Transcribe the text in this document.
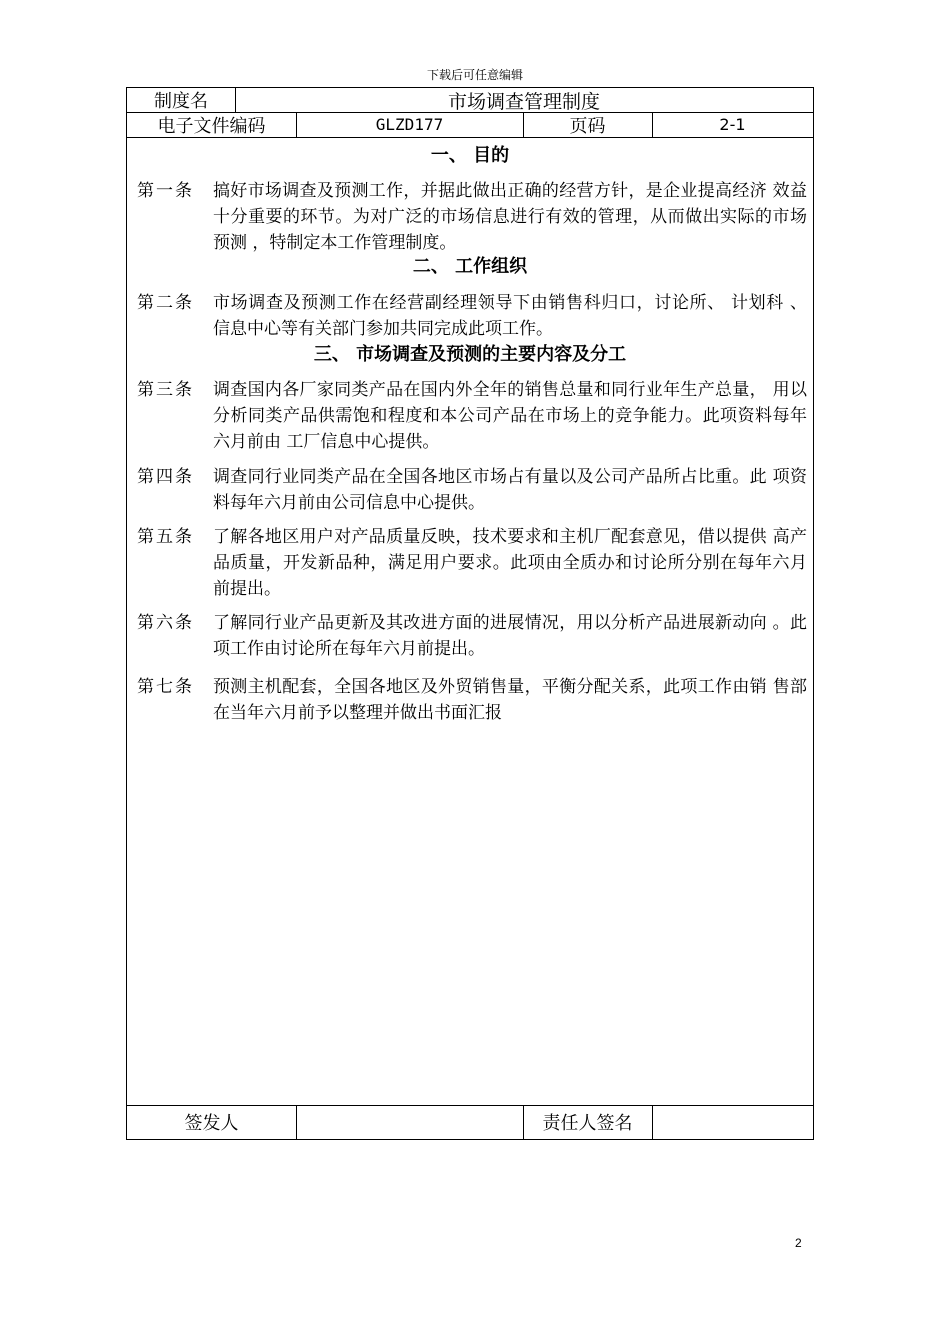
下载后可任意编辑
制度名	市场调查管理制度
电子文件编码	GLZD177	页码	2-1
一、 目的
第一条	搞好市场调查及预测工作，并据此做出正确的经营方针，是企业提高经济 效益十分重要的环节。为对广泛的市场信息进行有效的管理，从而做出实际的市场预测 ，特制定本工作管理制度。
二、 工作组织
第二条	市场调查及预测工作在经营副经理领导下由销售科归口，讨论所、 计划科 、 信息中心等有关部门参加共同完成此项工作。
三、 市场调查及预测的主要内容及分工
第三条	调查国内各厂家同类产品在国内外全年的销售总量和同行业年生产总量， 用以分析同类产品供需饱和程度和本公司产品在市场上的竞争能力。此项资料每年六月前由 工厂信息中心提供。
第四条	调查同行业同类产品在全国各地区市场占有量以及公司产品所占比重。此 项资料每年六月前由公司信息中心提供。
第五条	了解各地区用户对产品质量反映，技术要求和主机厂配套意见，借以提供 高产品质量，开发新品种，满足用户要求。此项由全质办和讨论所分别在每年六月前提出。
第六条	了解同行业产品更新及其改进方面的进展情况，用以分析产品进展新动向 。此项工作由讨论所在每年六月前提出。
第七条	预测主机配套，全国各地区及外贸销售量，平衡分配关系，此项工作由销 售部在当年六月前予以整理并做出书面汇报
签发人	责任人签名
2
